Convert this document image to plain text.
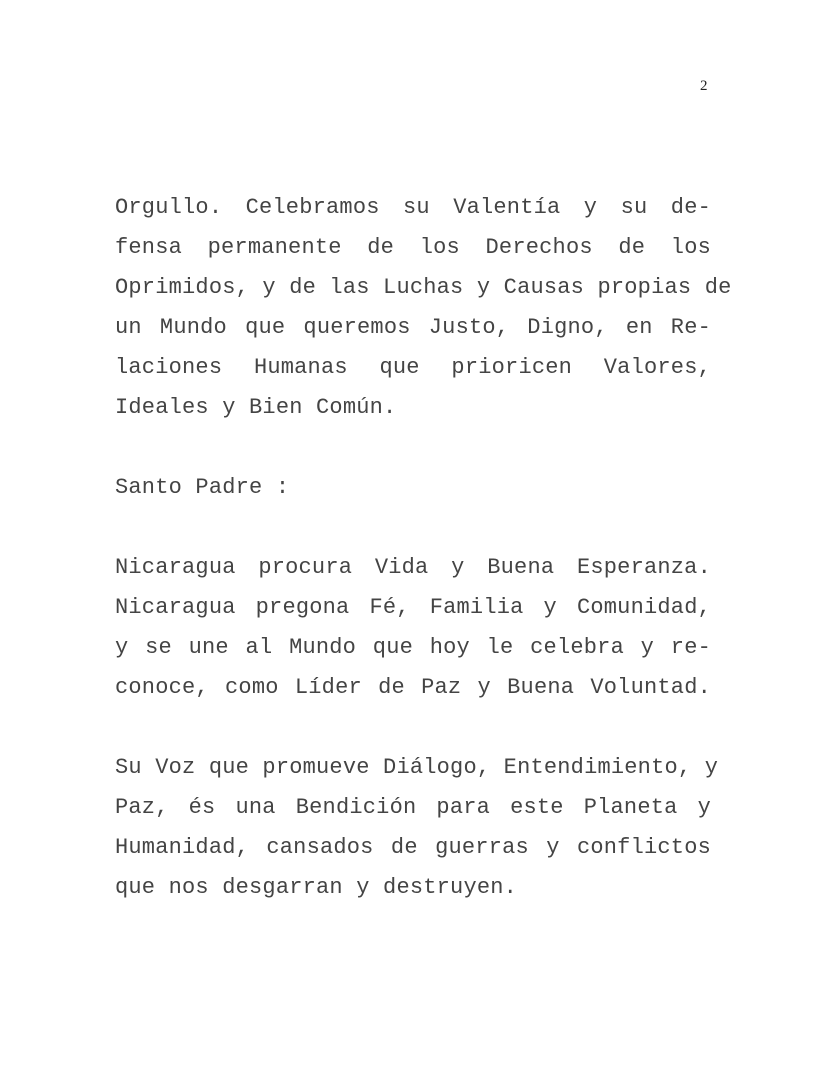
2
Orgullo. Celebramos su Valentía y su de-
fensa permanente de los Derechos de los
Oprimidos, y de las Luchas y Causas propias de
un Mundo que queremos Justo, Digno, en Re-
laciones Humanas que prioricen Valores,
Ideales y Bien Común.
Santo Padre :
Nicaragua procura Vida y Buena Esperanza.
Nicaragua pregona Fé, Familia y Comunidad,
y se une al Mundo que hoy le celebra y re-
conoce, como Líder de Paz y Buena Voluntad.
Su Voz que promueve Diálogo, Entendimiento, y
Paz, és una Bendición para este Planeta y
Humanidad, cansados de guerras y conflictos
que nos desgarran y destruyen.
